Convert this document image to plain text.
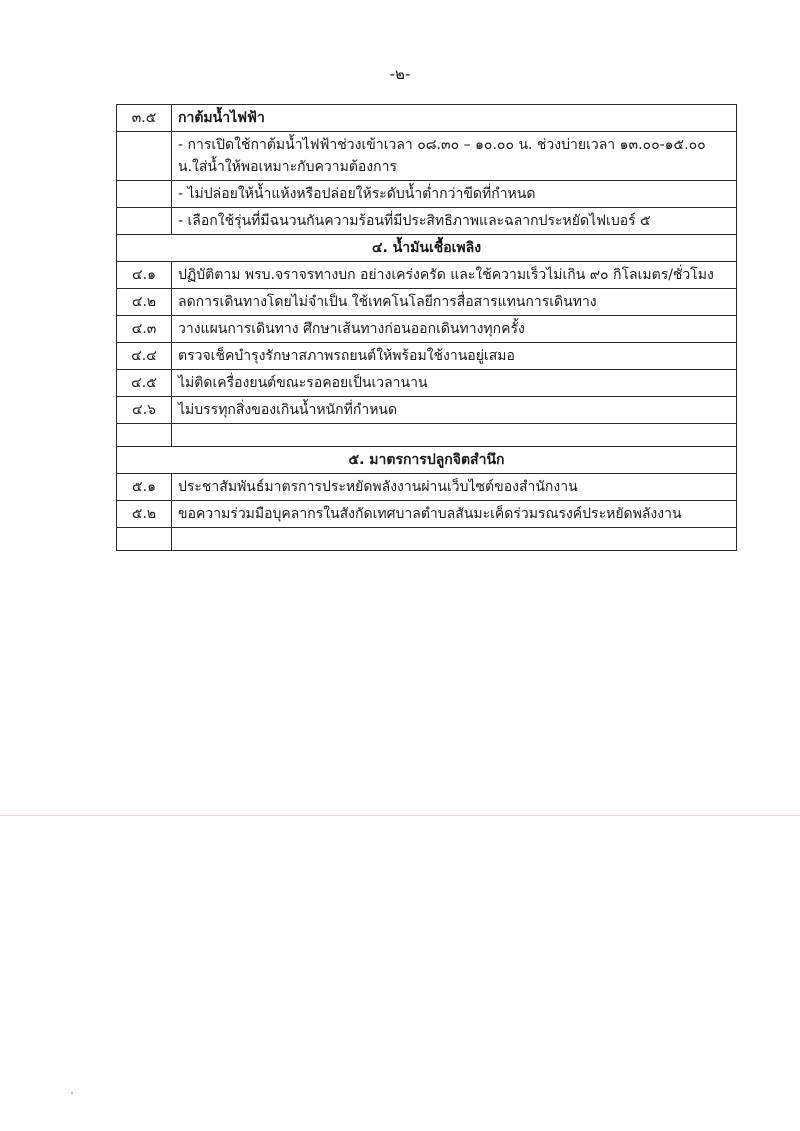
-๒-
๓.๕	กาต้มน้ำไฟฟ้า
	- การเปิดใช้กาต้มน้ำไฟฟ้าช่วงเข้าเวลา ๐๘.๓๐ – ๑๐.๐๐ น. ช่วงบ่ายเวลา ๑๓.๐๐-๑๕.๐๐ น.ใส่น้ำให้พอเหมาะกับความต้องการ
	- ไม่ปล่อยให้น้ำแห้งหรือปล่อยให้ระดับน้ำต่ำกว่าขีดที่กำหนด
	- เลือกใช้รุ่นที่มีฉนวนกันความร้อนที่มีประสิทธิภาพและฉลากประหยัดไฟเบอร์ ๕
๔. น้ำมันเชื้อเพลิง	
๔.๑	ปฏิบัติตาม พรบ.จราจรทางบก อย่างเคร่งครัด และใช้ความเร็วไม่เกิน ๙๐ กิโลเมตร/ชั่วโมง
๔.๒	ลดการเดินทางโดยไม่จำเป็น ใช้เทคโนโลยีการสื่อสารแทนการเดินทาง
๔.๓	วางแผนการเดินทาง ศึกษาเส้นทางก่อนออกเดินทางทุกครั้ง
๔.๔	ตรวจเช็คบำรุงรักษาสภาพรถยนต์ให้พร้อมใช้งานอยู่เสมอ
๔.๕	ไม่ติดเครื่องยนต์ขณะรอคอยเป็นเวลานาน
๔.๖	ไม่บรรทุกสิ่งของเกินน้ำหนักที่กำหนด

๕. มาตรการปลูกจิตสำนึก	
๕.๑	ประชาสัมพันธ์มาตรการประหยัดพลังงานผ่านเว็บไซต์ของสำนักงาน
๕.๒	ขอความร่วมมือบุคลากรในสังกัดเทศบาลตำบลสันมะเค็ดร่วมรณรงค์ประหยัดพลังงาน
